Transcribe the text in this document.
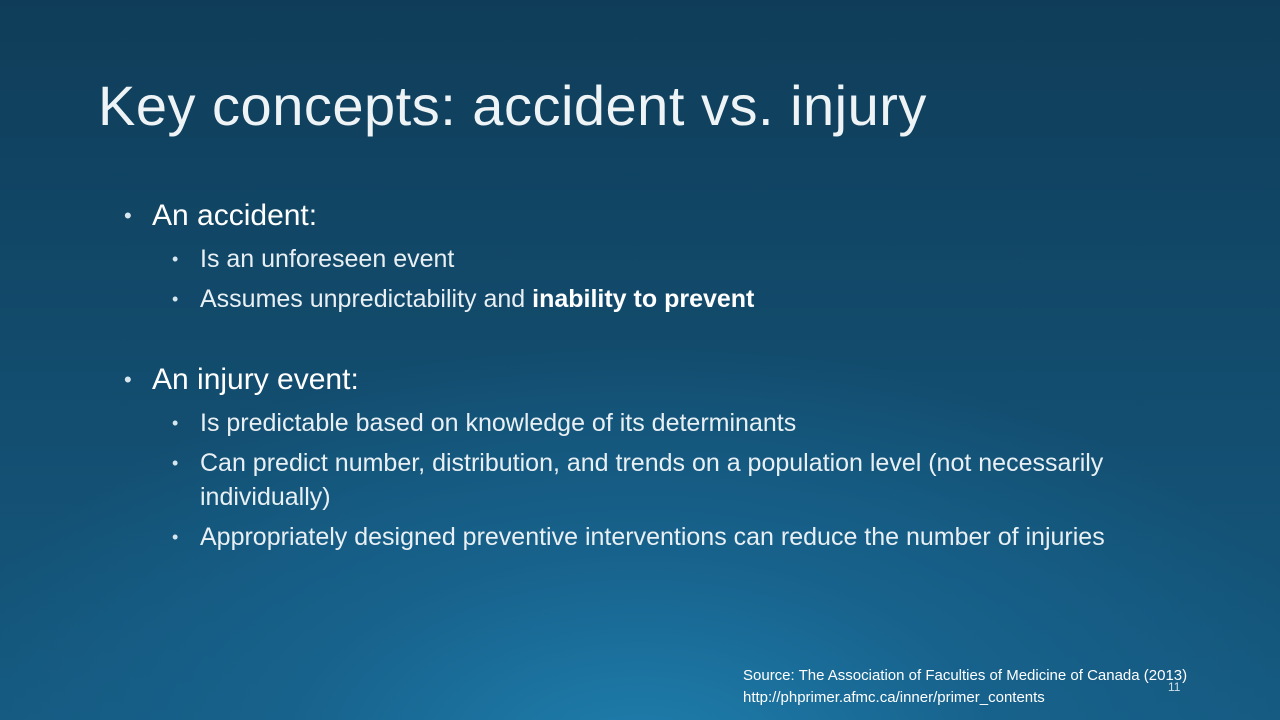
Key concepts: accident vs. injury
• An accident:
• Is an unforeseen event
• Assumes unpredictability and inability to prevent
• An injury event:
• Is predictable based on knowledge of its determinants
• Can predict number, distribution, and trends on a population level (not necessarily individually)
• Appropriately designed preventive interventions can reduce the number of injuries
Source: The Association of Faculties of Medicine of Canada (2013)
http://phprimer.afmc.ca/inner/primer_contents
11
